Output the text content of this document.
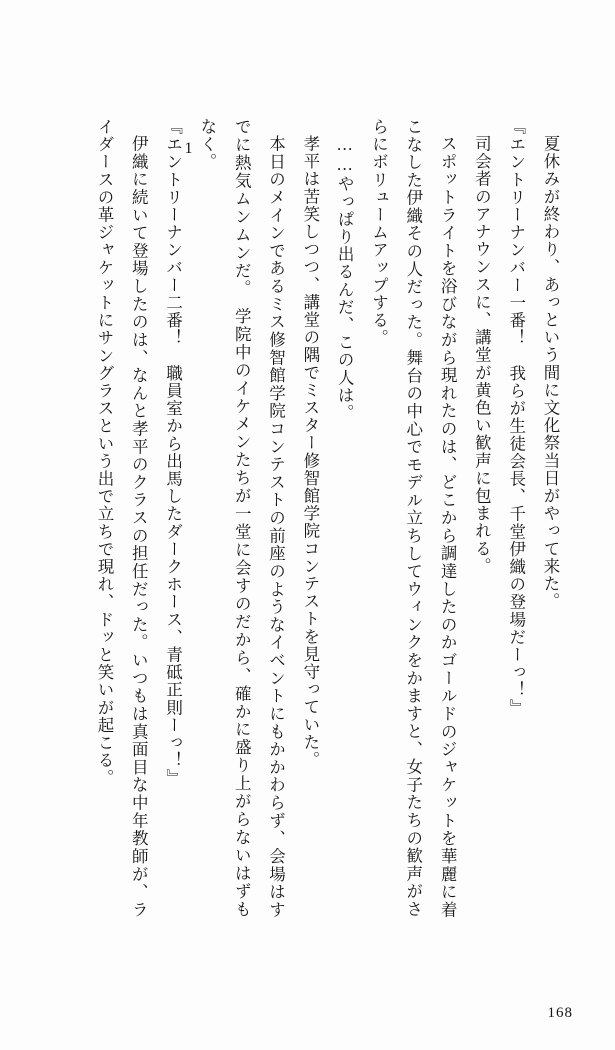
1	夏休みが終わり、あっという間に文化祭当日がやって来た。

『エントリーナンバー一番！　我らが生徒会長、千堂伊織の登場だーっ！』

司会者のアナウンスに、講堂が黄色い歓声に包まれる。

スポットライトを浴びながら現れたのは、どこから調達したのかゴールドのジャケットを華麗に着こなした伊織その人だった。舞台の中心でモデル立ちしてウィンクをかますと、女子たちの歓声がさらにボリュームアップする。

……やっぱり出るんだ、この人は。

孝平は苦笑しつつ、講堂の隅でミスター修智館学院コンテストを見守っていた。

本日のメインであるミス修智館学院コンテストの前座のようなイベントにもかかわらず、会場はすでに熱気ムンムンだ。　学院中のイケメンたちが一堂に会すのだから、確かに盛り上がらないはずもなく。

『エントリーナンバー二番！　職員室から出馬したダークホース、青砥正則ーっ！』

伊織に続いて登場したのは、なんと孝平のクラスの担任だった。いつもは真面目な中年教師が、ライダースの革ジャケットにサングラスという出で立ちで現れ、ドッと笑いが起こる。

168
